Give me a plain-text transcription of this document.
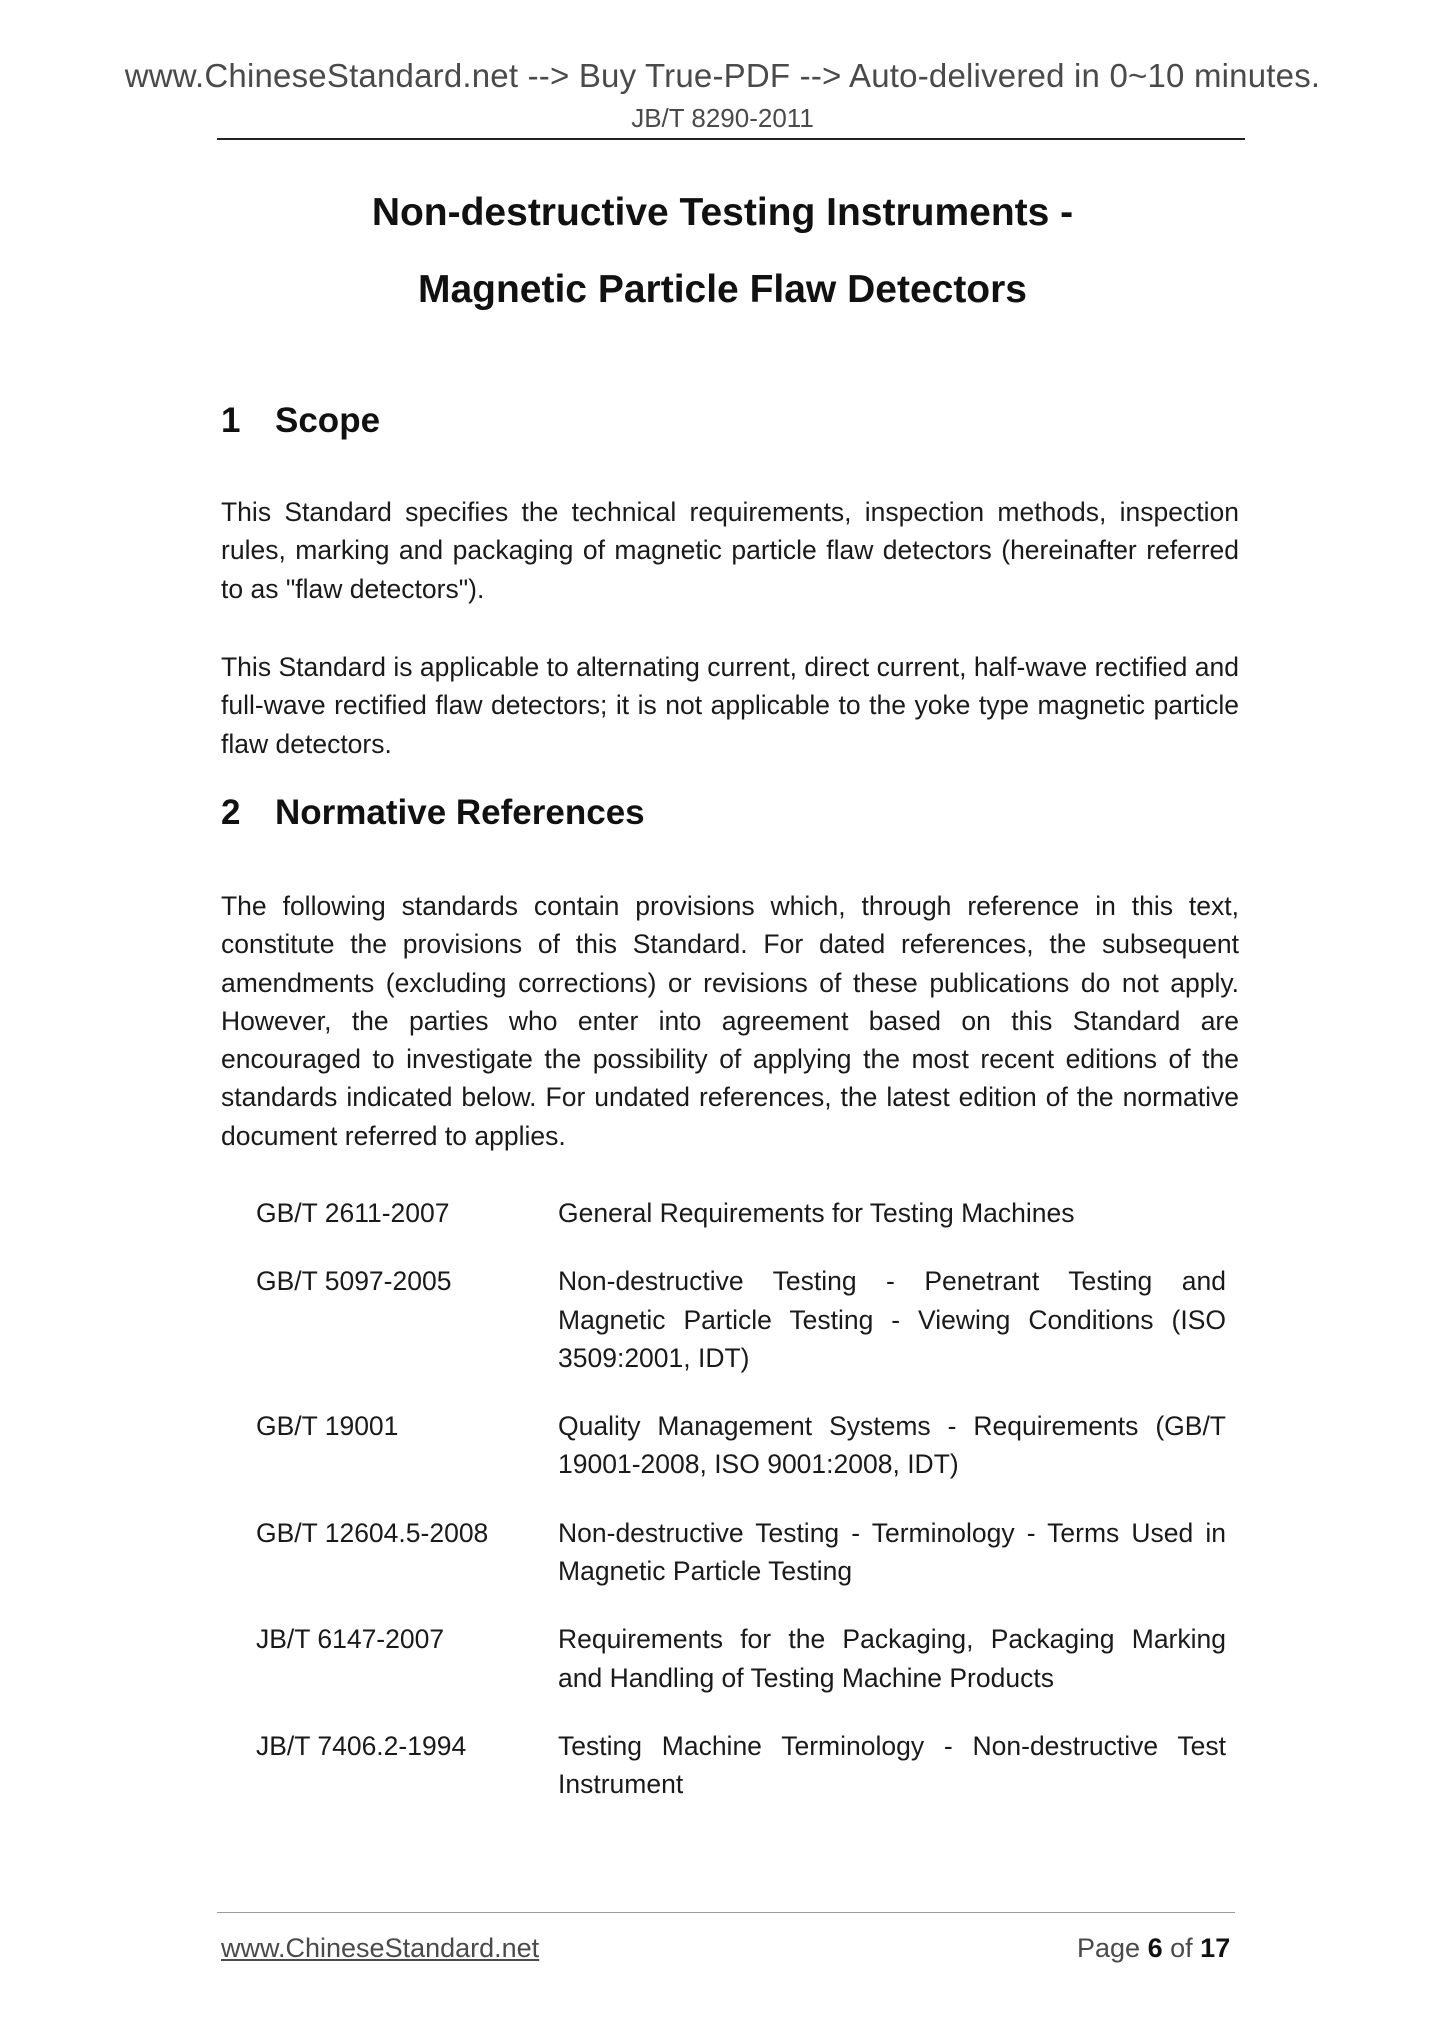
www.ChineseStandard.net --> Buy True-PDF --> Auto-delivered in 0~10 minutes.
JB/T 8290-2011
Non-destructive Testing Instruments -
Magnetic Particle Flaw Detectors
1 Scope

This Standard specifies the technical requirements, inspection methods, inspection rules, marking and packaging of magnetic particle flaw detectors (hereinafter referred to as "flaw detectors").

This Standard is applicable to alternating current, direct current, half-wave rectified and full-wave rectified flaw detectors; it is not applicable to the yoke type magnetic particle flaw detectors.

2 Normative References

The following standards contain provisions which, through reference in this text, constitute the provisions of this Standard. For dated references, the subsequent amendments (excluding corrections) or revisions of these publications do not apply. However, the parties who enter into agreement based on this Standard are encouraged to investigate the possibility of applying the most recent editions of the standards indicated below. For undated references, the latest edition of the normative document referred to applies.

GB/T 2611-2007	General Requirements for Testing Machines
GB/T 5097-2005	Non-destructive Testing - Penetrant Testing and Magnetic Particle Testing - Viewing Conditions (ISO 3509:2001, IDT)
GB/T 19001	Quality Management Systems - Requirements (GB/T 19001-2008, ISO 9001:2008, IDT)
GB/T 12604.5-2008	Non-destructive Testing - Terminology - Terms Used in Magnetic Particle Testing
JB/T 6147-2007	Requirements for the Packaging, Packaging Marking and Handling of Testing Machine Products
JB/T 7406.2-1994	Testing Machine Terminology - Non-destructive Test Instrument
www.ChineseStandard.net	Page 6 of 17
